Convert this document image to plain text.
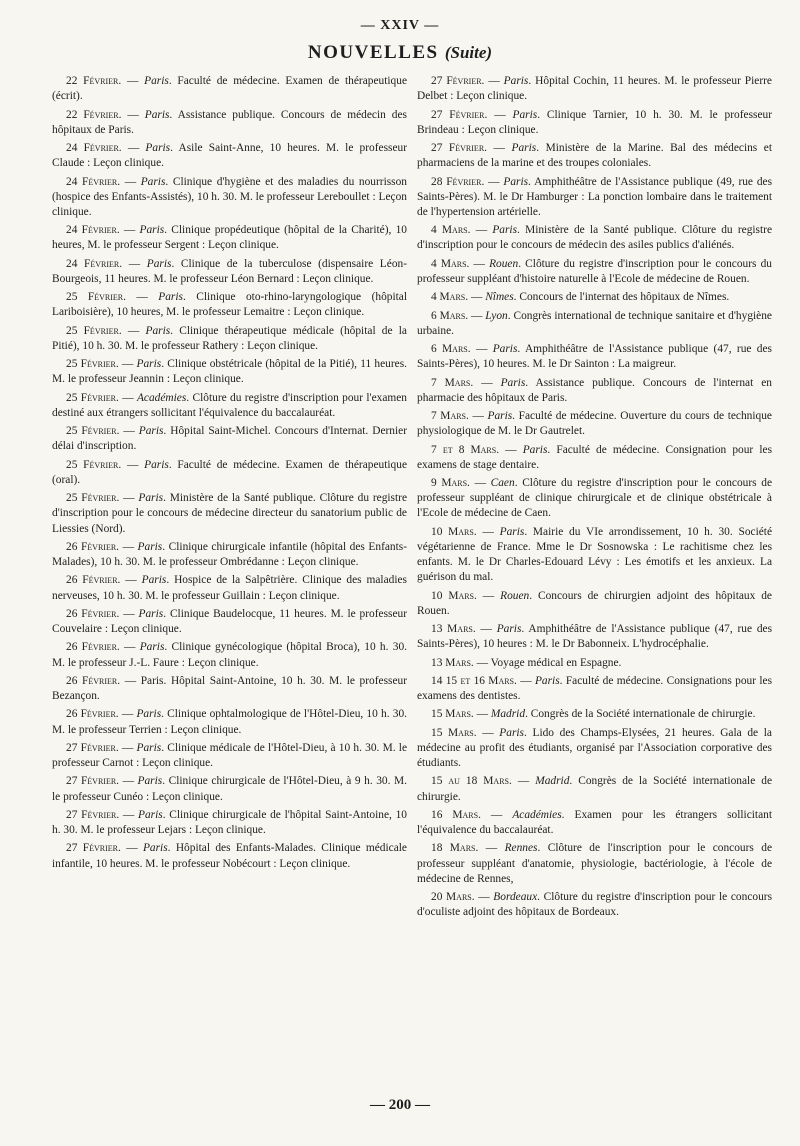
— XXIV —
NOUVELLES (Suite)

22 Février. — Paris. Faculté de médecine. Examen de thérapeutique (écrit).

22 Février. — Paris. Assistance publique. Concours de médecin des hôpitaux de Paris.

24 Février. — Paris. Asile Saint-Anne, 10 heures. M. le professeur Claude : Leçon clinique.

24 Février. — Paris. Clinique d'hygiène et des maladies du nourrisson (hospice des Enfants-Assistés), 10 h. 30. M. le professeur Lereboullet : Leçon clinique.

24 Février. — Paris. Clinique propédeutique (hôpital de la Charité), 10 heures, M. le professeur Sergent : Leçon clinique.

24 Février. — Paris. Clinique de la tuberculose (dispensaire Léon-Bourgeois, 11 heures. M. le professeur Léon Bernard : Leçon clinique.

25 Février. — Paris. Clinique oto-rhino-laryngologique (hôpital Lariboisière), 10 heures, M. le professeur Lemaitre : Leçon clinique.

25 Février. — Paris. Clinique thérapeutique médicale (hôpital de la Pitié), 10 h. 30. M. le professeur Rathery : Leçon clinique.

25 Février. — Paris. Clinique obstétricale (hôpital de la Pitié), 11 heures. M. le professeur Jeannin : Leçon clinique.

25 Février. — Académies. Clôture du registre d'inscription pour l'examen destiné aux étrangers sollicitant l'équivalence du baccalauréat.

25 Février. — Paris. Hôpital Saint-Michel. Concours d'Internat. Dernier délai d'inscription.

25 Février. — Paris. Faculté de médecine. Examen de thérapeutique (oral).

25 Février. — Paris. Ministère de la Santé publique. Clôture du registre d'inscription pour le concours de médecine directeur du sanatorium public de Liessies (Nord).

26 Février. — Paris. Clinique chirurgicale infantile (hôpital des Enfants-Malades), 10 h. 30. M. le professeur Ombrédanne : Leçon clinique.

26 Février. — Paris. Hospice de la Salpêtrière. Clinique des maladies nerveuses, 10 h. 30. M. le professeur Guillain : Leçon clinique.

26 Février. — Paris. Clinique Baudelocque, 11 heures. M. le professeur Couvelaire : Leçon clinique.

26 Février. — Paris. Clinique gynécologique (hôpital Broca), 10 h. 30. M. le professeur J.-L. Faure : Leçon clinique.

26 Février. — Paris. Hôpital Saint-Antoine, 10 h. 30. M. le professeur Bezançon.

26 Février. — Paris. Clinique ophtalmologique de l'Hôtel-Dieu, 10 h. 30. M. le professeur Terrien : Leçon clinique.

27 Février. — Paris. Clinique médicale de l'Hôtel-Dieu, à 10 h. 30. M. le professeur Carnot : Leçon clinique.

27 Février. — Paris. Clinique chirurgicale de l'Hôtel-Dieu, à 9 h. 30. M. le professeur Cunéo : Leçon clinique.

27 Février. — Paris. Clinique chirurgicale de l'hôpital Saint-Antoine, 10 h. 30. M. le professeur Lejars : Leçon clinique.

27 Février. — Paris. Hôpital des Enfants-Malades. Clinique médicale infantile, 10 heures. M. le professeur Nobécourt : Leçon clinique.

27 Février. — Paris. Hôpital Cochin, 11 heures. M. le professeur Pierre Delbet : Leçon clinique.

27 Février. — Paris. Clinique Tarnier, 10 h. 30. M. le professeur Brindeau : Leçon clinique.

27 Février. — Paris. Ministère de la Marine. Bal des médecins et pharmaciens de la marine et des troupes coloniales.

28 Février. — Paris. Amphithéâtre de l'Assistance publique (49, rue des Saints-Pères). M. le Dr Hamburger : La ponction lombaire dans le traitement de l'hypertension artérielle.

4 Mars. — Paris. Ministère de la Santé publique. Clôture du registre d'inscription pour le concours de médecin des asiles publics d'aliénés.

4 Mars. — Rouen. Clôture du registre d'inscription pour le concours du professeur suppléant d'histoire naturelle à l'Ecole de médecine de Rouen.

4 Mars. — Nîmes. Concours de l'internat des hôpitaux de Nîmes.

6 Mars. — Lyon. Congrès international de technique sanitaire et d'hygiène urbaine.

6 Mars. — Paris. Amphithéâtre de l'Assistance publique (47, rue des Saints-Pères), 10 heures. M. le Dr Sainton : La maigreur.

7 Mars. — Paris. Assistance publique. Concours de l'internat en pharmacie des hôpitaux de Paris.

7 Mars. — Paris. Faculté de médecine. Ouverture du cours de technique physiologique de M. le Dr Gautrelet.

7 et 8 Mars. — Paris. Faculté de médecine. Consignation pour les examens de stage dentaire.

9 Mars. — Caen. Clôture du registre d'inscription pour le concours de professeur suppléant de clinique chirurgicale et de clinique obstétricale à l'Ecole de médecine de Caen.

10 Mars. — Paris. Mairie du VIe arrondissement, 10 h. 30. Société végétarienne de France. Mme le Dr Sosnowska : Le rachitisme chez les enfants. M. le Dr Charles-Edouard Lévy : Les émotifs et les anxieux. La guérison du mal.

10 Mars. — Rouen. Concours de chirurgien adjoint des hôpitaux de Rouen.

13 Mars. — Paris. Amphithéâtre de l'Assistance publique (47, rue des Saints-Pères), 10 heures : M. le Dr Babonneix. L'hydrocéphalie.

13 Mars. — Voyage médical en Espagne.

14 15 et 16 Mars. — Paris. Faculté de médecine. Consignations pour les examens des dentistes.

15 Mars. — Madrid. Congrès de la Société internationale de chirurgie.

15 Mars. — Paris. Lido des Champs-Elysées, 21 heures. Gala de la médecine au profit des étudiants, organisé par l'Association corporative des étudiants.

15 au 18 Mars. — Madrid. Congrès de la Société internationale de chirurgie.

16 Mars. — Académies. Examen pour les étrangers sollicitant l'équivalence du baccalauréat.

18 Mars. — Rennes. Clôture de l'inscription pour le concours de professeur suppléant d'anatomie, physiologie, bactériologie, à l'école de médecine de Rennes,

20 Mars. — Bordeaux. Clôture du registre d'inscription pour le concours d'oculiste adjoint des hôpitaux de Bordeaux.

— 200 —
